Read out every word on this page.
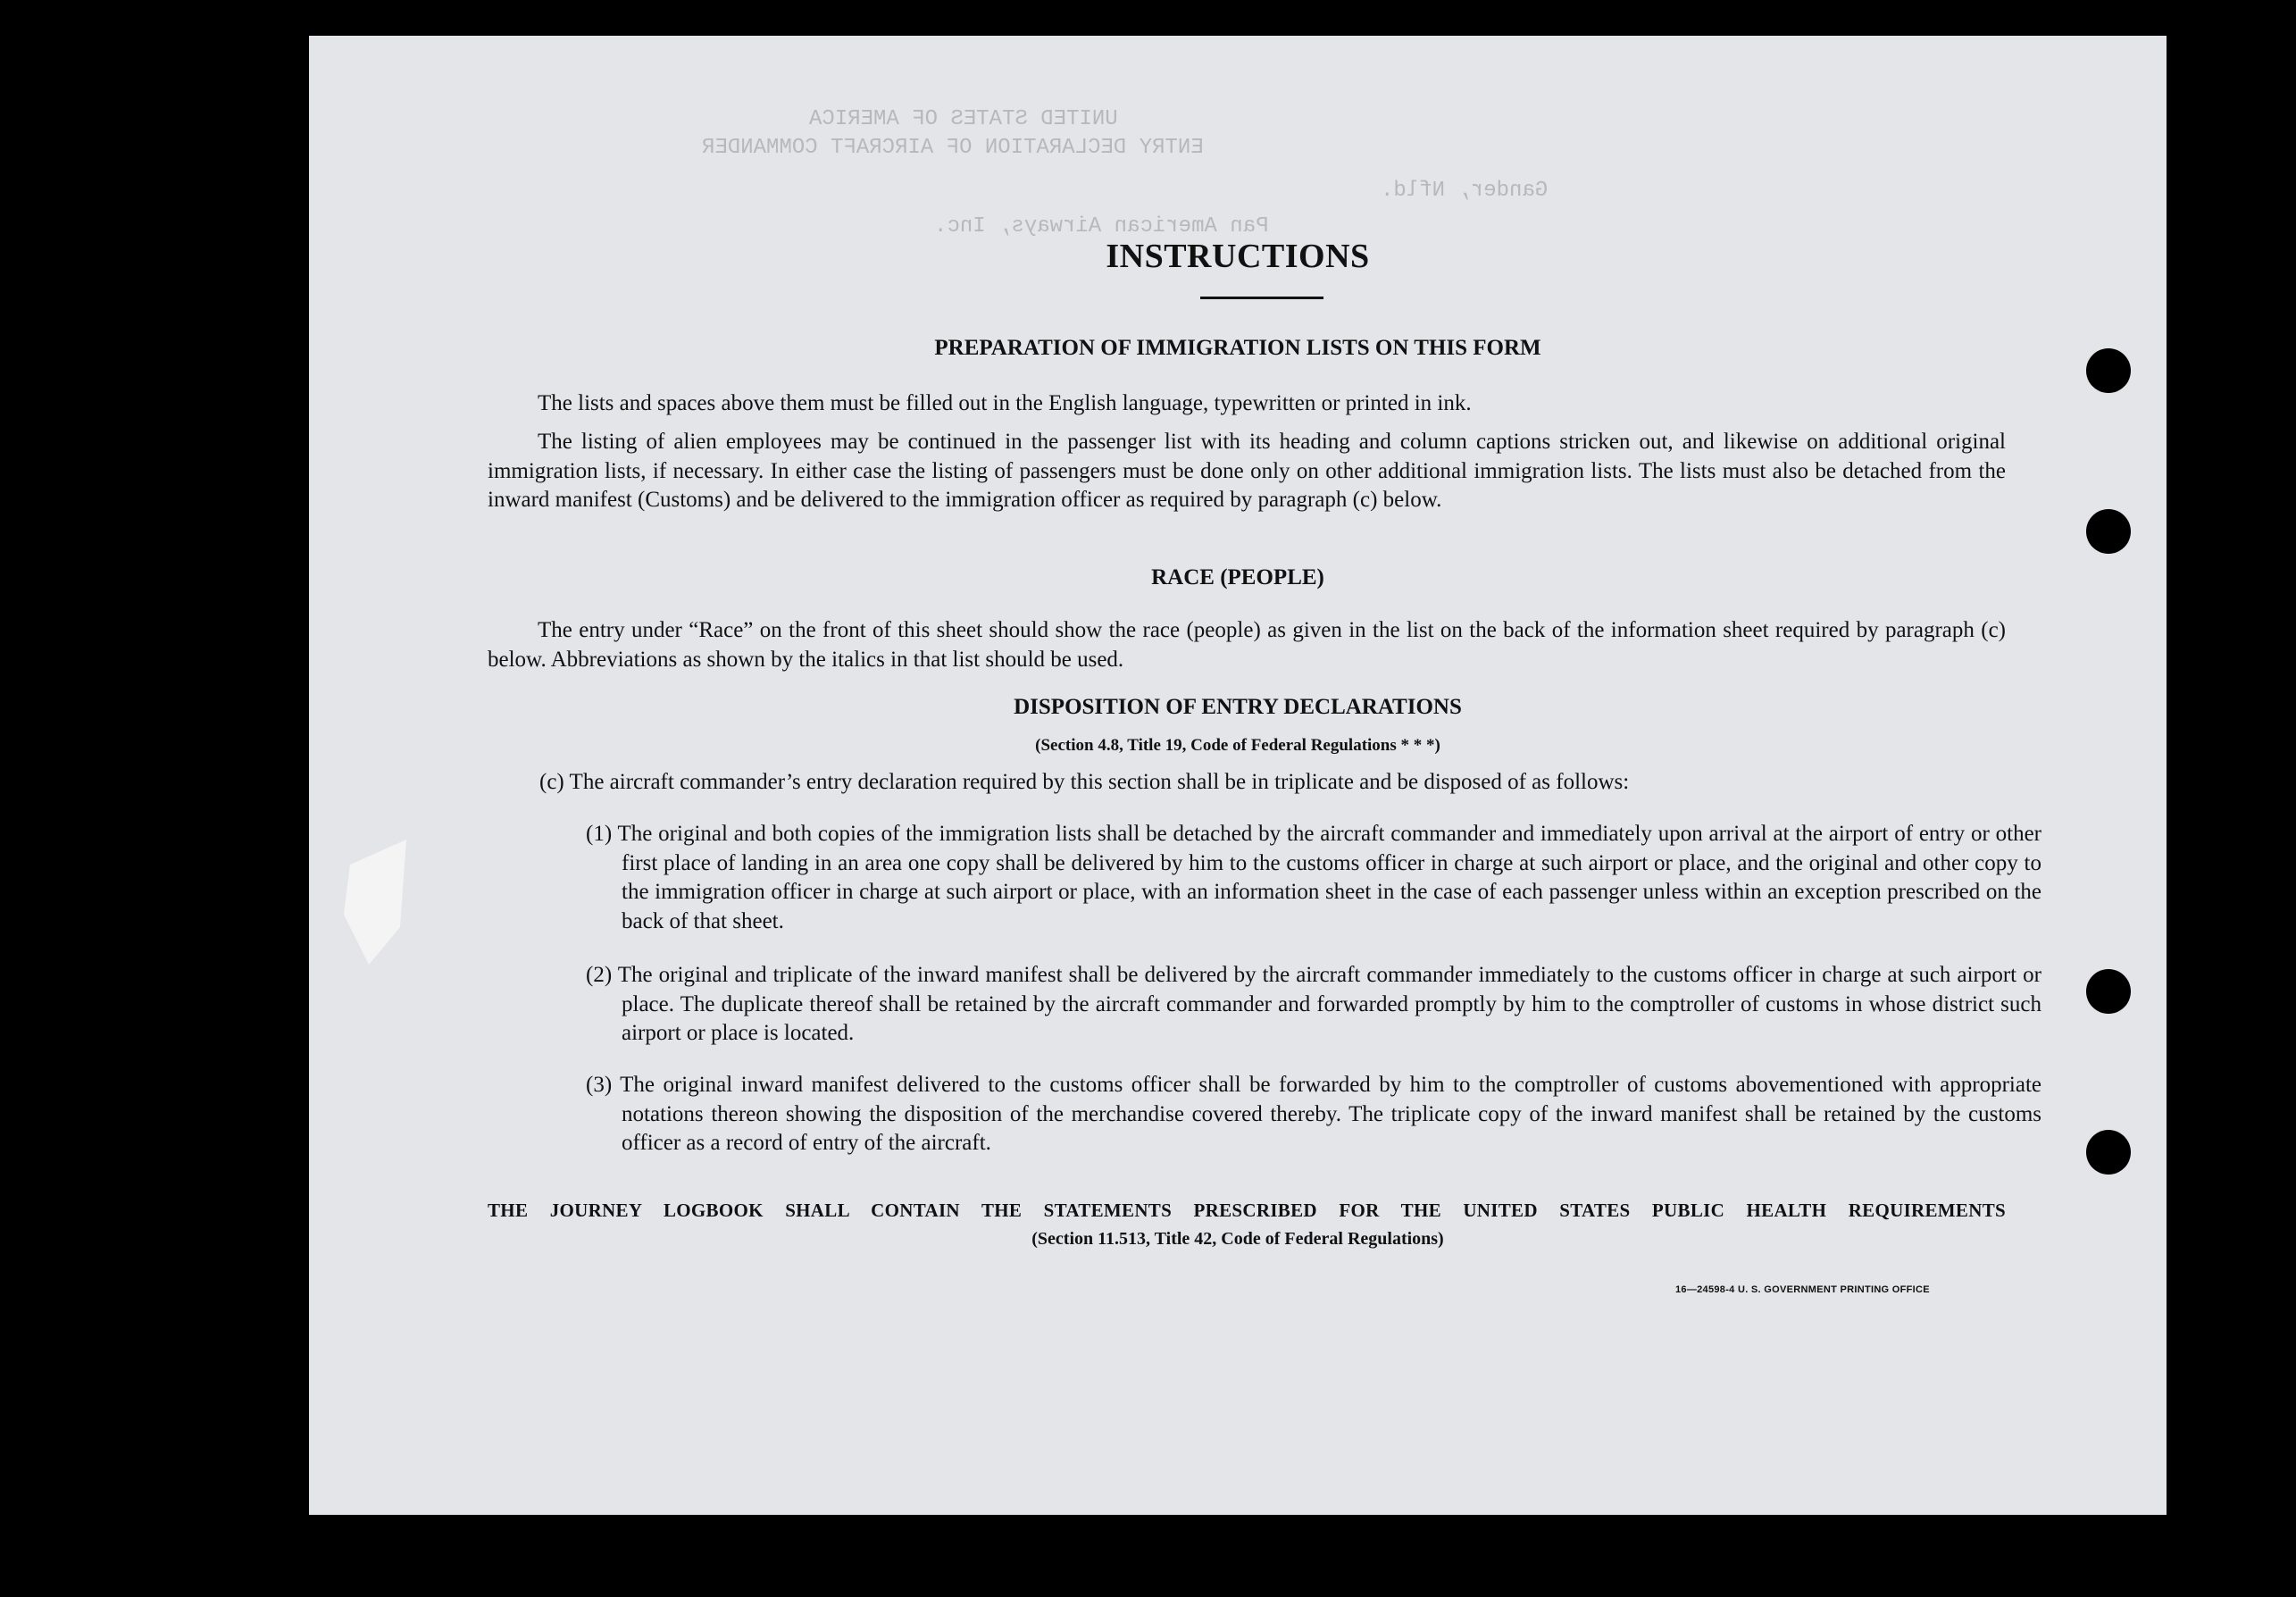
UNITED STATES OF AMERICA
ENTRY DECLARATION OF AIRCRAFT COMMANDER
Gander, Nfld.
Pan American Airways, Inc.
INSTRUCTIONS
PREPARATION OF IMMIGRATION LISTS ON THIS FORM
The lists and spaces above them must be filled out in the English language, typewritten or printed in ink.
The listing of alien employees may be continued in the passenger list with its heading and column captions stricken out, and likewise on additional original immigration lists, if necessary. In either case the listing of passengers must be done only on other additional immigration lists. The lists must also be detached from the inward manifest (Customs) and be delivered to the immigration officer as required by paragraph (c) below.
RACE (PEOPLE)
The entry under “Race” on the front of this sheet should show the race (people) as given in the list on the back of the information sheet required by paragraph (c) below. Abbreviations as shown by the italics in that list should be used.
DISPOSITION OF ENTRY DECLARATIONS
(Section 4.8, Title 19, Code of Federal Regulations * * *)
(c) The aircraft commander’s entry declaration required by this section shall be in triplicate and be disposed of as follows:
(1) The original and both copies of the immigration lists shall be detached by the aircraft commander and immediately upon arrival at the airport of entry or other first place of landing in an area one copy shall be delivered by him to the customs officer in charge at such airport or place, and the original and other copy to the immigration officer in charge at such airport or place, with an information sheet in the case of each passenger unless within an exception prescribed on the back of that sheet.
(2) The original and triplicate of the inward manifest shall be delivered by the aircraft commander immediately to the customs officer in charge at such airport or place. The duplicate thereof shall be retained by the aircraft commander and forwarded promptly by him to the comptroller of customs in whose district such airport or place is located.
(3) The original inward manifest delivered to the customs officer shall be forwarded by him to the comptroller of customs abovementioned with appropriate notations thereon showing the disposition of the merchandise covered thereby. The triplicate copy of the inward manifest shall be retained by the customs officer as a record of entry of the aircraft.
THE JOURNEY LOGBOOK SHALL CONTAIN THE STATEMENTS PRESCRIBED FOR THE UNITED STATES PUBLIC HEALTH REQUIREMENTS
(Section 11.513, Title 42, Code of Federal Regulations)
16—24598-4 U. S. GOVERNMENT PRINTING OFFICE
